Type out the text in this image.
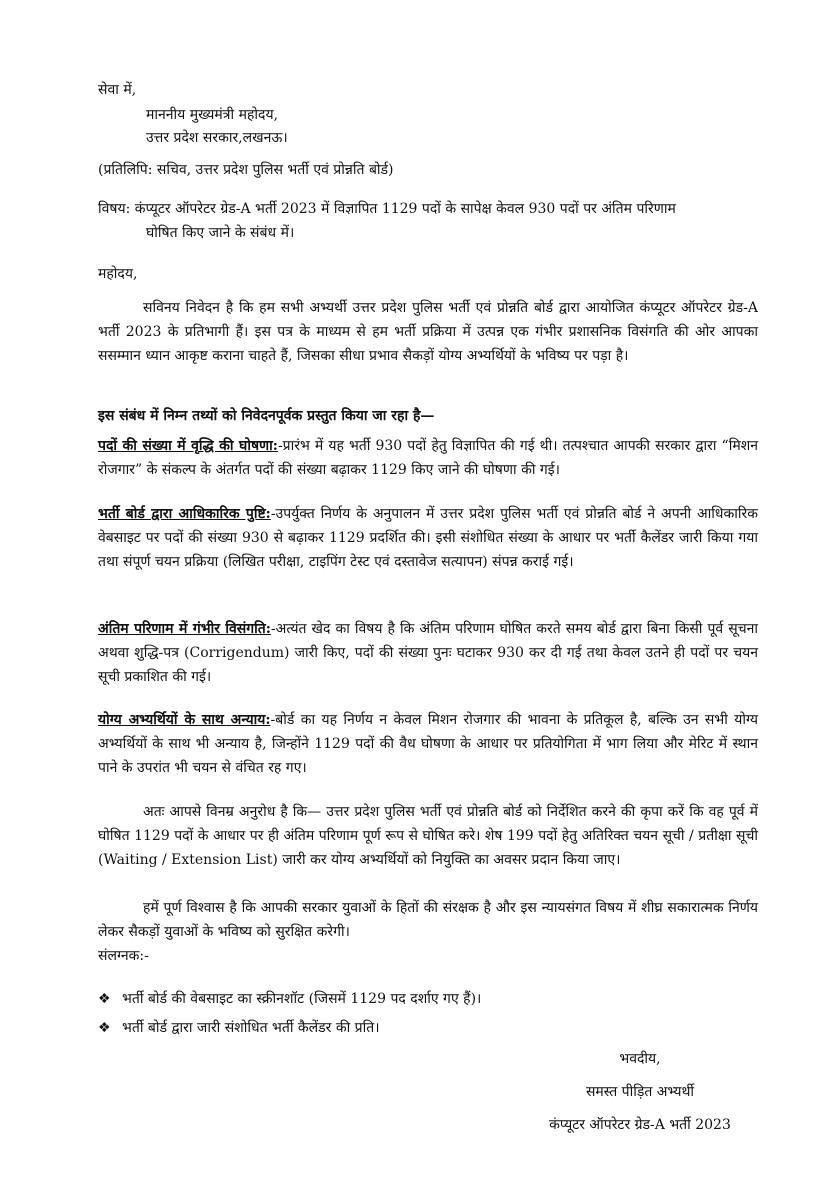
सेवा में,
माननीय मुख्यमंत्री महोदय,
उत्तर प्रदेश सरकार,लखनऊ।
(प्रतिलिपि: सचिव, उत्तर प्रदेश पुलिस भर्ती एवं प्रोन्नति बोर्ड)
विषय: कंप्यूटर ऑपरेटर ग्रेड-A भर्ती 2023 में विज्ञापित 1129 पदों के सापेक्ष केवल 930 पदों पर अंतिम परिणाम
घोषित किए जाने के संबंध में।
महोदय,
सविनय निवेदन है कि हम सभी अभ्यर्थी उत्तर प्रदेश पुलिस भर्ती एवं प्रोन्नति बोर्ड द्वारा आयोजित कंप्यूटर ऑपरेटर ग्रेड-A भर्ती 2023 के प्रतिभागी हैं। इस पत्र के माध्यम से हम भर्ती प्रक्रिया में उत्पन्न एक गंभीर प्रशासनिक विसंगति की ओर आपका ससम्मान ध्यान आकृष्ट कराना चाहते हैं, जिसका सीधा प्रभाव सैकड़ों योग्य अभ्यर्थियों के भविष्य पर पड़ा है।
इस संबंध में निम्न तथ्यों को निवेदनपूर्वक प्रस्तुत किया जा रहा है—
पदों की संख्या में वृद्धि की घोषणा:-प्रारंभ में यह भर्ती 930 पदों हेतु विज्ञापित की गई थी। तत्पश्चात आपकी सरकार द्वारा “मिशन रोजगार” के संकल्प के अंतर्गत पदों की संख्या बढ़ाकर 1129 किए जाने की घोषणा की गई।
भर्ती बोर्ड द्वारा आधिकारिक पुष्टि:-उपर्युक्त निर्णय के अनुपालन में उत्तर प्रदेश पुलिस भर्ती एवं प्रोन्नति बोर्ड ने अपनी आधिकारिक वेबसाइट पर पदों की संख्या 930 से बढ़ाकर 1129 प्रदर्शित की। इसी संशोधित संख्या के आधार पर भर्ती कैलेंडर जारी किया गया तथा संपूर्ण चयन प्रक्रिया (लिखित परीक्षा, टाइपिंग टेस्ट एवं दस्तावेज सत्यापन) संपन्न कराई गई।
अंतिम परिणाम में गंभीर विसंगति:-अत्यंत खेद का विषय है कि अंतिम परिणाम घोषित करते समय बोर्ड द्वारा बिना किसी पूर्व सूचना अथवा शुद्धि-पत्र (Corrigendum) जारी किए, पदों की संख्या पुनः घटाकर 930 कर दी गई तथा केवल उतने ही पदों पर चयन सूची प्रकाशित की गई।
योग्य अभ्यर्थियों के साथ अन्याय:-बोर्ड का यह निर्णय न केवल मिशन रोजगार की भावना के प्रतिकूल है, बल्कि उन सभी योग्य अभ्यर्थियों के साथ भी अन्याय है, जिन्होंने 1129 पदों की वैध घोषणा के आधार पर प्रतियोगिता में भाग लिया और मेरिट में स्थान पाने के उपरांत भी चयन से वंचित रह गए।
अतः आपसे विनम्र अनुरोध है कि— उत्तर प्रदेश पुलिस भर्ती एवं प्रोन्नति बोर्ड को निर्देशित करने की कृपा करें कि वह पूर्व में घोषित 1129 पदों के आधार पर ही अंतिम परिणाम पूर्ण रूप से घोषित करे। शेष 199 पदों हेतु अतिरिक्त चयन सूची / प्रतीक्षा सूची (Waiting / Extension List) जारी कर योग्य अभ्यर्थियों को नियुक्ति का अवसर प्रदान किया जाए।
हमें पूर्ण विश्वास है कि आपकी सरकार युवाओं के हितों की संरक्षक है और इस न्यायसंगत विषय में शीघ्र सकारात्मक निर्णय लेकर सैकड़ों युवाओं के भविष्य को सुरक्षित करेगी।
संलग्नक:-
❖ भर्ती बोर्ड की वेबसाइट का स्क्रीनशॉट (जिसमें 1129 पद दर्शाए गए हैं)।
❖ भर्ती बोर्ड द्वारा जारी संशोधित भर्ती कैलेंडर की प्रति।
भवदीय,
समस्त पीड़ित अभ्यर्थी
कंप्यूटर ऑपरेटर ग्रेड-A भर्ती 2023
